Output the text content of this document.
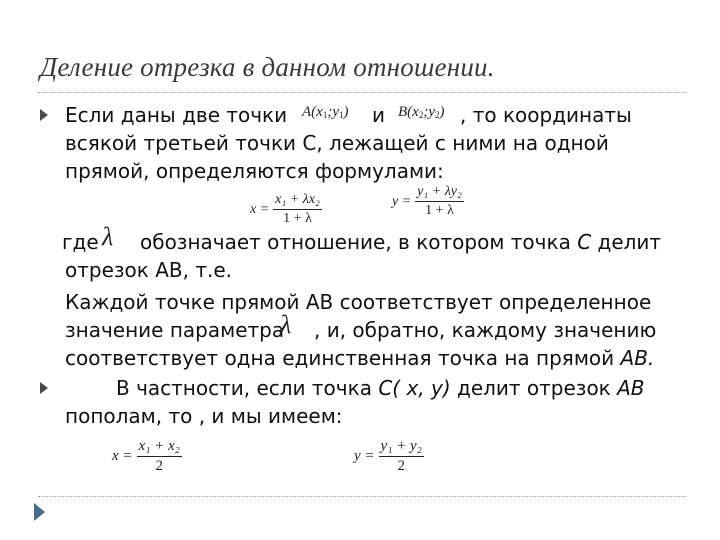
Деление отрезка в данном отношении.
Если даны две точки $A(x_1;y_1)$ и $B(x_2;y_2)$ , то координаты
всякой третьей точки С, лежащей с ними на одной
прямой, определяются формулами:
$x = \frac{\text{x₁ + λx₂}}{1 + \lambda}$	$y = \frac{\text{y₁ + λy₂}}{1 + \lambda}$
где λ обозначает отношение, в котором точка С делит
отрезок АВ, т.е.
Каждой точке прямой АВ соответствует определенное
значение параметра
λ , и, обратно, каждому значению
соответствует одна единственная точка на прямой АВ.
В частности, если точка С( х, у) делит отрезок АВ
пополам, то , и мы имеем:
$x = \frac{\text{x₁ + x₂}}{2}$	$y = \frac{\text{y₁ + y₂}}{2}$
